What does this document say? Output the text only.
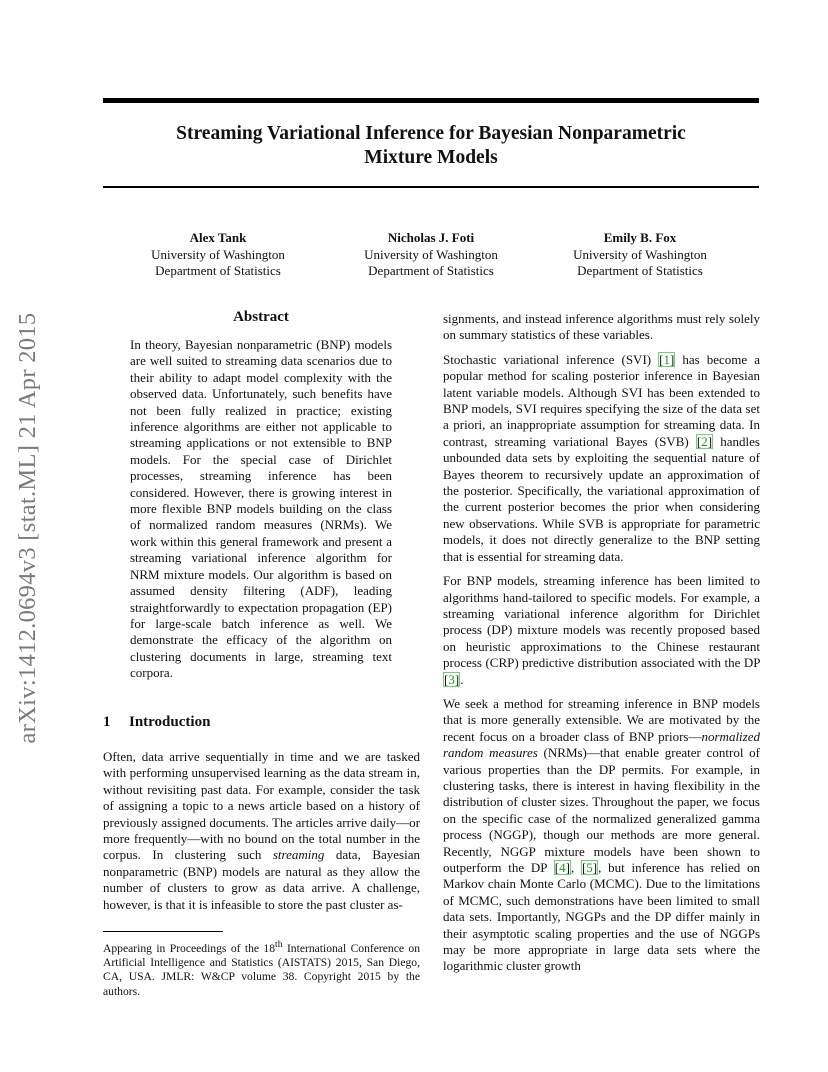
Streaming Variational Inference for Bayesian Nonparametric
Mixture Models
Alex Tank
University of Washington
Department of Statistics
Nicholas J. Foti
University of Washington
Department of Statistics
Emily B. Fox
University of Washington
Department of Statistics
arXiv:1412.0694v3 [stat.ML] 21 Apr 2015	Abstract

In theory, Bayesian nonparametric (BNP) models are well suited to streaming data scenarios due to their ability to adapt model complexity with the observed data. Unfortunately, such benefits have not been fully realized in practice; existing inference algorithms are either not applicable to streaming applications or not extensible to BNP models. For the special case of Dirichlet processes, streaming inference has been considered. However, there is growing interest in more flexible BNP models building on the class of normalized random measures (NRMs). We work within this general framework and present a streaming variational inference algorithm for NRM mixture models. Our algorithm is based on assumed density filtering (ADF), leading straightforwardly to expectation propagation (EP) for large-scale batch inference as well. We demonstrate the efficacy of the algorithm on clustering documents in large, streaming text corpora.

1 Introduction

Often, data arrive sequentially in time and we are tasked with performing unsupervised learning as the data stream in, without revisiting past data. For example, consider the task of assigning a topic to a news article based on a history of previously assigned documents. The articles arrive daily—or more frequently—with no bound on the total number in the corpus. In clustering such streaming data, Bayesian nonparametric (BNP) models are natural as they allow the number of clusters to grow as data arrive. A challenge, however, is that it is infeasible to store the past cluster as-

Appearing in Proceedings of the 18th International Conference on Artificial Intelligence and Statistics (AISTATS) 2015, San Diego, CA, USA. JMLR: W&CP volume 38. Copyright 2015 by the authors.

signments, and instead inference algorithms must rely solely on summary statistics of these variables.

Stochastic variational inference (SVI) [ 1 ] has become a popular method for scaling posterior inference in Bayesian latent variable models. Although SVI has been extended to BNP models, SVI requires specifying the size of the data set a priori, an inappropriate assumption for streaming data. In contrast, streaming variational Bayes (SVB) [ 2 ] handles unbounded data sets by exploiting the sequential nature of Bayes theorem to recursively update an approximation of the posterior. Specifically, the variational approximation of the current posterior becomes the prior when considering new observations. While SVB is appropriate for parametric models, it does not directly generalize to the BNP setting that is essential for streaming data.

For BNP models, streaming inference has been limited to algorithms hand-tailored to specific models. For example, a streaming variational inference algorithm for Dirichlet process (DP) mixture models was recently proposed based on heuristic approximations to the Chinese restaurant process (CRP) predictive distribution associated with the DP [ 3 ] .

We seek a method for streaming inference in BNP models that is more generally extensible. We are motivated by the recent focus on a broader class of BNP priors—normalized random measures (NRMs)—that enable greater control of various properties than the DP permits. For example, in clustering tasks, there is interest in having flexibility in the distribution of cluster sizes. Throughout the paper, we focus on the specific case of the normalized generalized gamma process (NGGP), though our methods are more general. Recently, NGGP mixture models have been shown to outperform the DP [ 4 ] , [ 5 ] , but inference has relied on Markov chain Monte Carlo (MCMC). Due to the limitations of MCMC, such demonstrations have been limited to small data sets. Importantly, NGGPs and the DP differ mainly in their asymptotic scaling properties and the use of NGGPs may be more appropriate in large data sets where the logarithmic cluster growth
